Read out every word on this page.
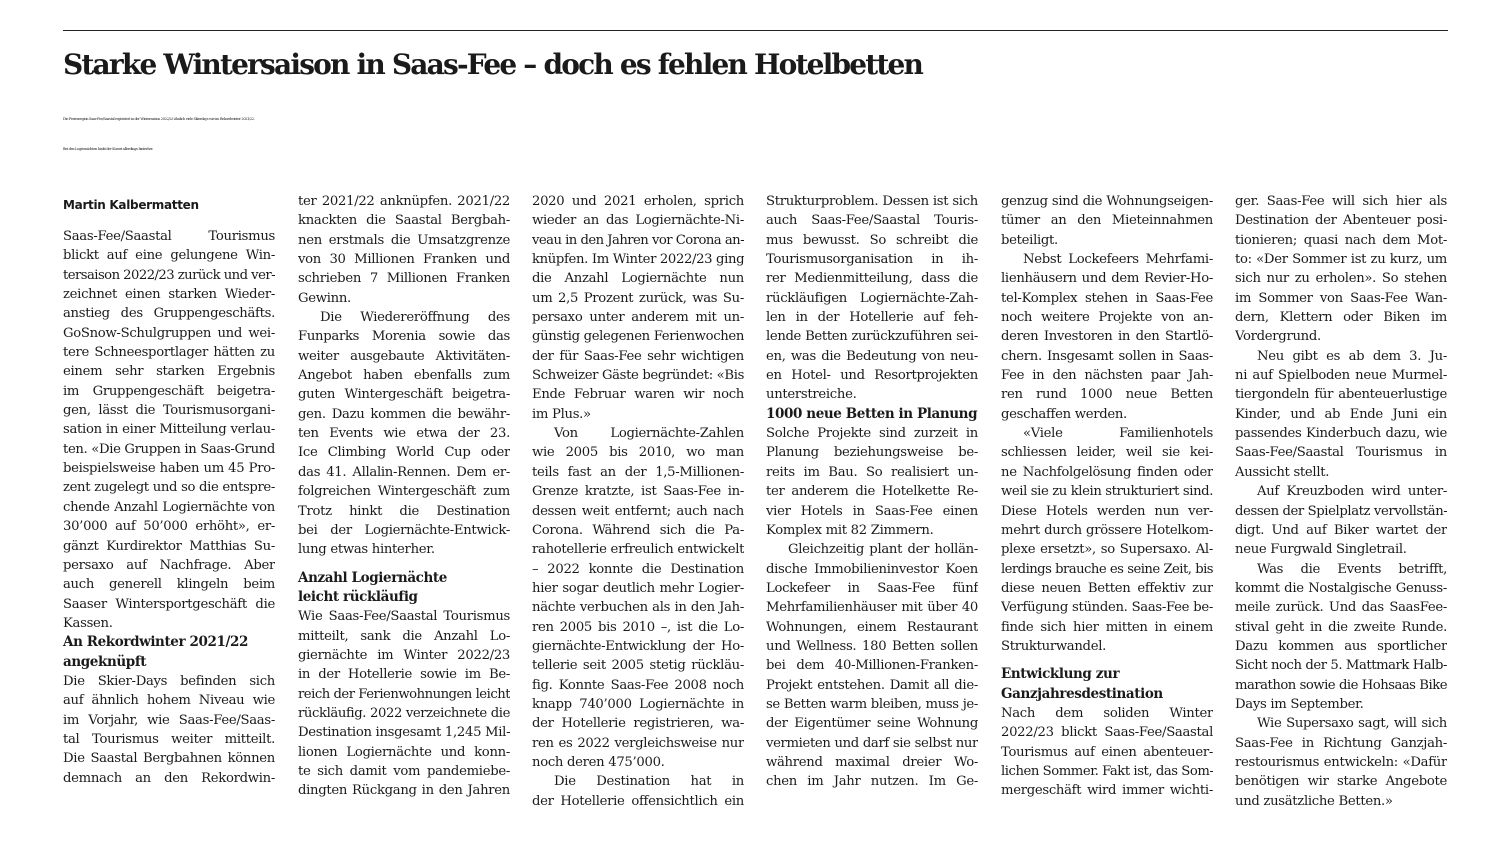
Starke Wintersaison in Saas-Fee – doch es fehlen Hotelbetten
Die Ferienregion Saas-Fee/Saastal registriert in der Wintersaison 2022/23 ähnlich viele Skierdays wie im Rekordwinter 2021/22.
Bei den Logiernächten hinkt der Kurort allerdings hinterher.
Martin Kalbermatten
Saas-Fee/Saastal Tourismus
blickt auf eine gelungene Win-
tersaison 2022/23 zurück und ver-
zeichnet einen starken Wieder-
anstieg des Gruppengeschäfts.
GoSnow-Schulgruppen und wei-
tere Schneesportlager hätten zu
einem sehr starken Ergebnis
im Gruppengeschäft beigetra-
gen, lässt die Tourismusorgani-
sation in einer Mitteilung verlau-
ten. «Die Gruppen in Saas-Grund
beispielsweise haben um 45 Pro-
zent zugelegt und so die entspre-
chende Anzahl Logiernächte von
30’000 auf 50’000 erhöht», er-
gänzt Kurdirektor Matthias Su-
persaxo auf Nachfrage. Aber
auch generell klingeln beim
Saaser Wintersportgeschäft die
Kassen.
An Rekordwinter 2021/22
angeknüpft
Die Skier-Days befinden sich
auf ähnlich hohem Niveau wie
im Vorjahr, wie Saas-Fee/Saas-
tal Tourismus weiter mitteilt.
Die Saastal Bergbahnen können
demnach an den Rekordwin-
ter 2021/22 anknüpfen. 2021/22
knackten die Saastal Bergbah-
nen erstmals die Umsatzgrenze
von 30 Millionen Franken und
schrieben 7 Millionen Franken
Gewinn.
Die Wiedereröffnung des
Funparks Morenia sowie das
weiter ausgebaute Aktivitäten-
Angebot haben ebenfalls zum
guten Wintergeschäft beigetra-
gen. Dazu kommen die bewähr-
ten Events wie etwa der 23.
Ice Climbing World Cup oder
das 41. Allalin-Rennen. Dem er-
folgreichen Wintergeschäft zum
Trotz hinkt die Destination
bei der Logiernächte-Entwick-
lung etwas hinterher.
Anzahl Logiernächte
leicht rückläufig
Wie Saas-Fee/Saastal Tourismus
mitteilt, sank die Anzahl Lo-
giernächte im Winter 2022/23
in der Hotellerie sowie im Be-
reich der Ferienwohnungen leicht
rückläufig. 2022 verzeichnete die
Destination insgesamt 1,245 Mil-
lionen Logiernächte und konn-
te sich damit vom pandemiebe-
dingten Rückgang in den Jahren
2020 und 2021 erholen, sprich
wieder an das Logiernächte-Ni-
veau in den Jahren vor Corona an-
knüpfen. Im Winter 2022/23 ging
die Anzahl Logiernächte nun
um 2,5 Prozent zurück, was Su-
persaxo unter anderem mit un-
günstig gelegenen Ferienwochen
der für Saas-Fee sehr wichtigen
Schweizer Gäste begründet: «Bis
Ende Februar waren wir noch
im Plus.»
Von Logiernächte-Zahlen
wie 2005 bis 2010, wo man
teils fast an der 1,5-Millionen-
Grenze kratzte, ist Saas-Fee in-
dessen weit entfernt; auch nach
Corona. Während sich die Pa-
rahotellerie erfreulich entwickelt
– 2022 konnte die Destination
hier sogar deutlich mehr Logier-
nächte verbuchen als in den Jah-
ren 2005 bis 2010 –, ist die Lo-
giernächte-Entwicklung der Ho-
tellerie seit 2005 stetig rückläu-
fig. Konnte Saas-Fee 2008 noch
knapp 740’000 Logiernächte in
der Hotellerie registrieren, wa-
ren es 2022 vergleichsweise nur
noch deren 475’000.
Die Destination hat in
der Hotellerie offensichtlich ein
Strukturproblem. Dessen ist sich
auch Saas-Fee/Saastal Touris-
mus bewusst. So schreibt die
Tourismusorganisation in ih-
rer Medienmitteilung, dass die
rückläufigen Logiernächte-Zah-
len in der Hotellerie auf feh-
lende Betten zurückzuführen sei-
en, was die Bedeutung von neu-
en Hotel- und Resortprojekten
unterstreiche.
1000 neue Betten in Planung
Solche Projekte sind zurzeit in
Planung beziehungsweise be-
reits im Bau. So realisiert un-
ter anderem die Hotelkette Re-
vier Hotels in Saas-Fee einen
Komplex mit 82 Zimmern.
Gleichzeitig plant der hollän-
dische Immobilieninvestor Koen
Lockefeer in Saas-Fee fünf
Mehrfamilienhäuser mit über 40
Wohnungen, einem Restaurant
und Wellness. 180 Betten sollen
bei dem 40-Millionen-Franken-
Projekt entstehen. Damit all die-
se Betten warm bleiben, muss je-
der Eigentümer seine Wohnung
vermieten und darf sie selbst nur
während maximal dreier Wo-
chen im Jahr nutzen. Im Ge-
genzug sind die Wohnungseigen-
tümer an den Mieteinnahmen
beteiligt.
Nebst Lockefeers Mehrfami-
lienhäusern und dem Revier-Ho-
tel-Komplex stehen in Saas-Fee
noch weitere Projekte von an-
deren Investoren in den Startlö-
chern. Insgesamt sollen in Saas-
Fee in den nächsten paar Jah-
ren rund 1000 neue Betten
geschaffen werden.
«Viele Familienhotels
schliessen leider, weil sie kei-
ne Nachfolgelösung finden oder
weil sie zu klein strukturiert sind.
Diese Hotels werden nun ver-
mehrt durch grössere Hotelkom-
plexe ersetzt», so Supersaxo. Al-
lerdings brauche es seine Zeit, bis
diese neuen Betten effektiv zur
Verfügung stünden. Saas-Fee be-
finde sich hier mitten in einem
Strukturwandel.
Entwicklung zur
Ganzjahresdestination
Nach dem soliden Winter
2022/23 blickt Saas-Fee/Saastal
Tourismus auf einen abenteuer-
lichen Sommer. Fakt ist, das Som-
mergeschäft wird immer wichti-
ger. Saas-Fee will sich hier als
Destination der Abenteuer posi-
tionieren; quasi nach dem Mot-
to: «Der Sommer ist zu kurz, um
sich nur zu erholen». So stehen
im Sommer von Saas-Fee Wan-
dern, Klettern oder Biken im
Vordergrund.
Neu gibt es ab dem 3. Ju-
ni auf Spielboden neue Murmel-
tiergondeln für abenteuerlustige
Kinder, und ab Ende Juni ein
passendes Kinderbuch dazu, wie
Saas-Fee/Saastal Tourismus in
Aussicht stellt.
Auf Kreuzboden wird unter-
dessen der Spielplatz vervollstän-
digt. Und auf Biker wartet der
neue Furgwald Singletrail.
Was die Events betrifft,
kommt die Nostalgische Genuss-
meile zurück. Und das SaasFee-
stival geht in die zweite Runde.
Dazu kommen aus sportlicher
Sicht noch der 5. Mattmark Halb-
marathon sowie die Hohsaas Bike
Days im September.
Wie Supersaxo sagt, will sich
Saas-Fee in Richtung Ganzjah-
restourismus entwickeln: «Dafür
benötigen wir starke Angebote
und zusätzliche Betten.»
